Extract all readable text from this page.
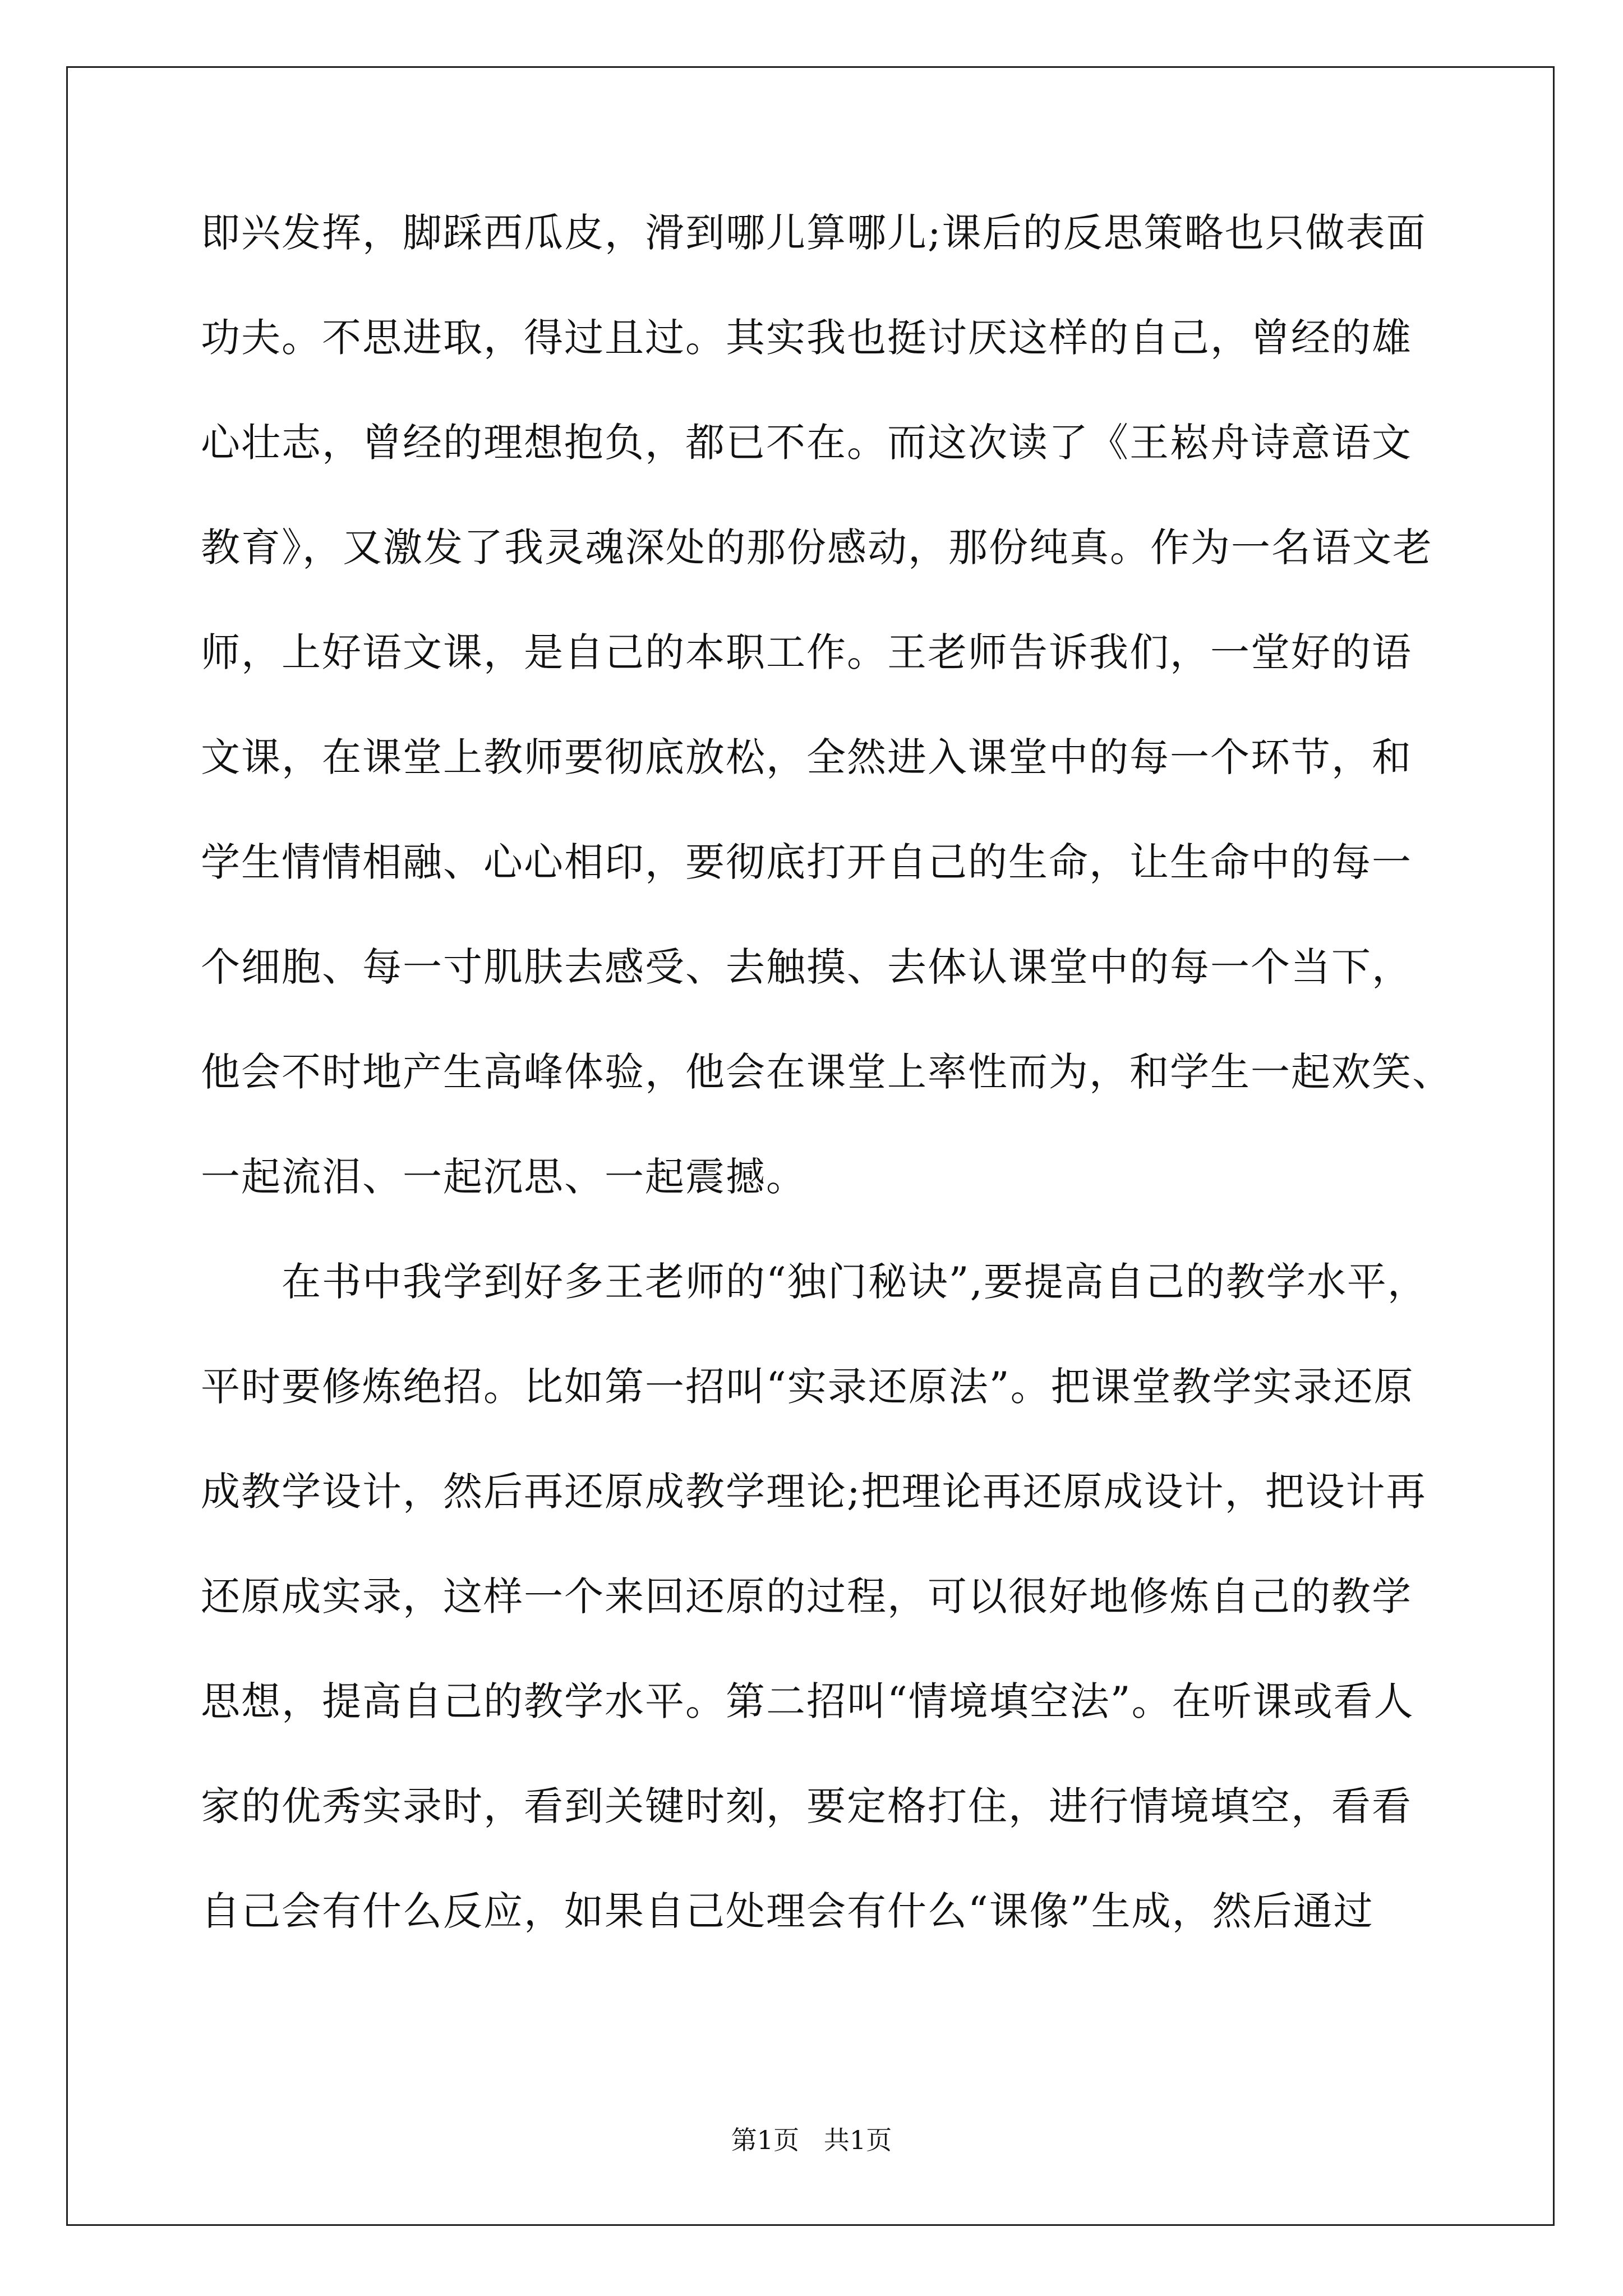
即兴发挥，脚踩西瓜皮，滑到哪儿算哪儿;课后的反思策略也只做表面
功夫。不思进取，得过且过。其实我也挺讨厌这样的自己，曾经的雄
心壮志，曾经的理想抱负，都已不在。而这次读了《王崧舟诗意语文
教育》，又激发了我灵魂深处的那份感动，那份纯真。作为一名语文老
师，上好语文课，是自己的本职工作。王老师告诉我们，一堂好的语
文课，在课堂上教师要彻底放松，全然进入课堂中的每一个环节，和
学生情情相融、心心相印，要彻底打开自己的生命，让生命中的每一
个细胞、每一寸肌肤去感受、去触摸、去体认课堂中的每一个当下，
他会不时地产生高峰体验，他会在课堂上率性而为，和学生一起欢笑、
一起流泪、一起沉思、一起震撼。
　　在书中我学到好多王老师的“独门秘诀”,要提高自己的教学水平，
平时要修炼绝招。比如第一招叫“实录还原法”。把课堂教学实录还原
成教学设计，然后再还原成教学理论;把理论再还原成设计，把设计再
还原成实录，这样一个来回还原的过程，可以很好地修炼自己的教学
思想，提高自己的教学水平。第二招叫“情境填空法”。在听课或看人
家的优秀实录时，看到关键时刻，要定格打住，进行情境填空，看看
自己会有什么反应，如果自己处理会有什么“课像”生成，然后通过
第1页   共1页
